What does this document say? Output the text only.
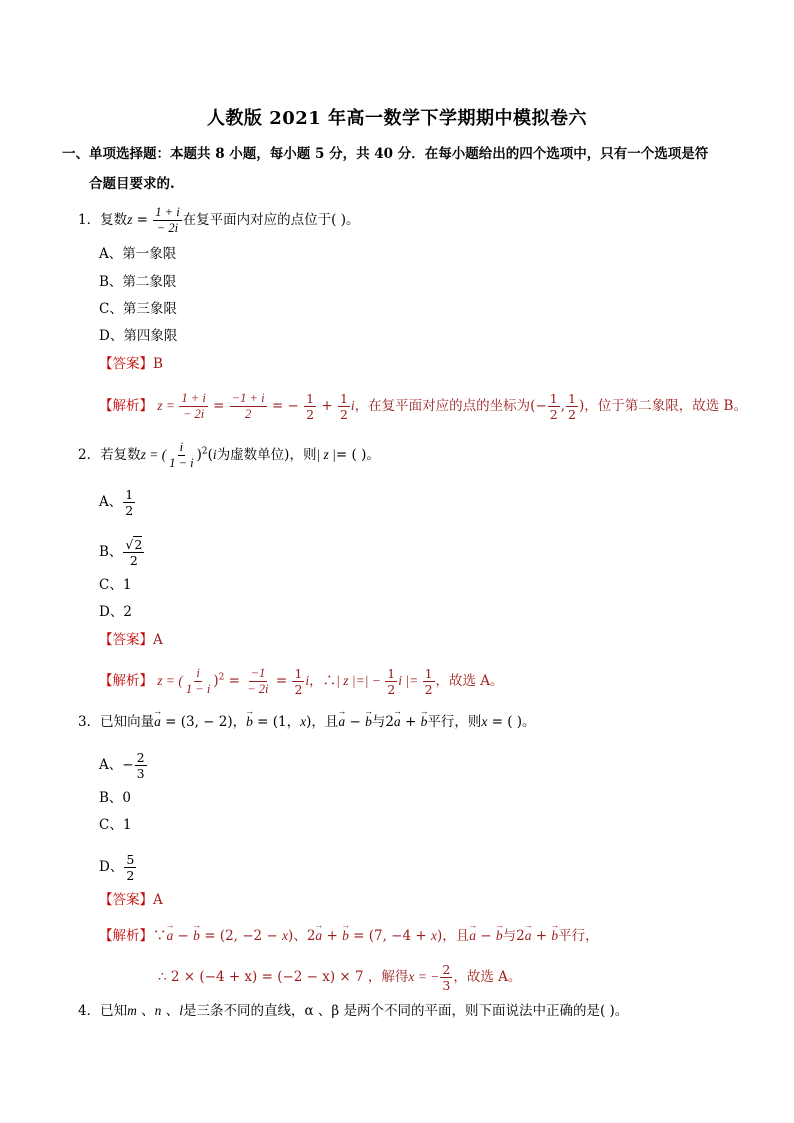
人教版 2021 年高一数学下学期期中模拟卷六
一、单项选择题：本题共 8 小题，每小题 5 分，共 40 分．在每小题给出的四个选项中，只有一个选项是符
合题目要求的.
1．复数$z = \frac{1 + i}{- 2i}$ 在复平面内对应的点位于( )。
A、第一象限
B、第二象限
C、第三象限
D、第四象限
【答案】B
【解析】 $z = \frac{1 + i}{- 2i} = \frac{-1 + i}{2}$ = − $\frac{1}{2} + \frac{1}{2}$ i，在复平面对应的点的坐标为(− $\frac{1}{2}$ , $\frac{1}{2}$ )，位于第二象限，故选 B。
2．若复数z = ( $\frac{i}{1 - i} )^2(i$为虚数单位)，则| z |= ( )。
A、 $\frac{1}{2}$
B、 $\frac{√2}{2}$
C、1
D、2
【答案】A
【解析】 z = ( $\frac{i}{1 - i} )^2 = \frac{-1}{- 2i} = \frac{1}{2}$ i，∴| z |=| − $\frac{1}{2}$ i |= $\frac{1}{2}$ ，故选 A。
3．已知向量→ a = (3, − 2)，→ b = (1，x)，且→ a − → b与2→ a + → b平行，则x = ( )。
A、− $\frac{2}{3}$
B、0
C、1
D、 $\frac{5}{2}$
【答案】A
【解析】∵→ a − → b = (2, −2 − x)、2→ a + → b = (7, −4 + x)，且→ a − → b与2→ a + → b平行，
∴ 2 × (−4 + x) = (−2 − x) × 7 ，解得x = − $\frac{2}{3}$ ，故选 A。
4．已知m 、n 、l是三条不同的直线，α 、β 是两个不同的平面，则下面说法中正确的是( )。
